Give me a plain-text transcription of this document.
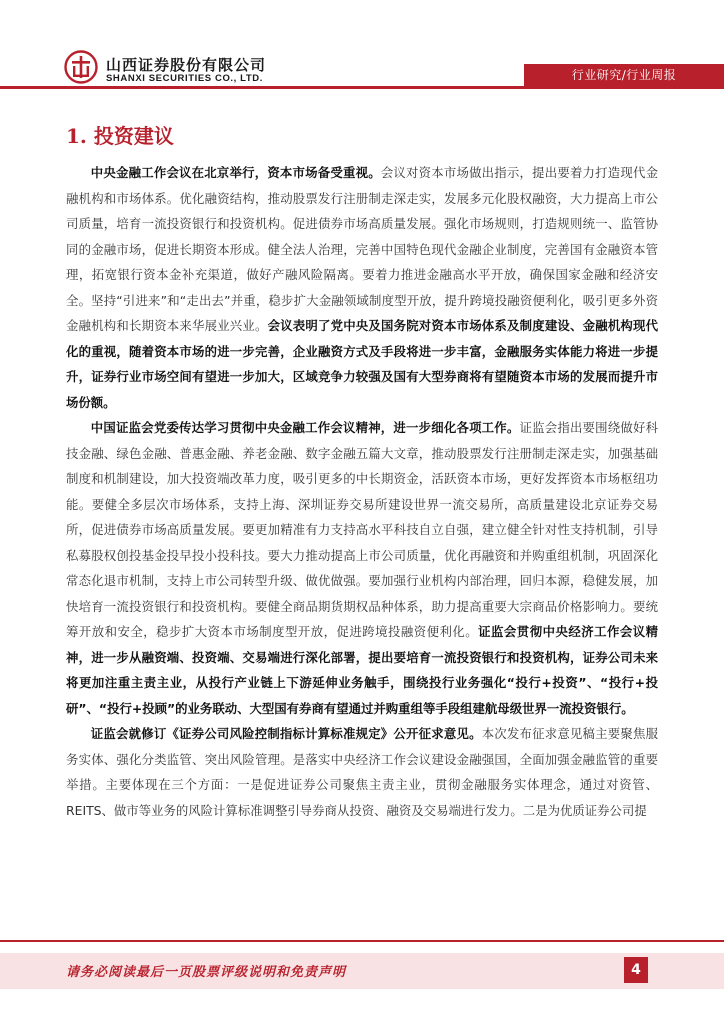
山西证券股份有限公司
SHANXI SECURITIES CO., LTD.	行业研究/行业周报
1. 投资建议

中央金融工作会议在北京举行，资本市场备受重视。会议对资本市场做出指示，提出要着力打造现代金融机构和市场体系。优化融资结构，推动股票发行注册制走深走实，发展多元化股权融资，大力提高上市公司质量，培育一流投资银行和投资机构。促进债券市场高质量发展。强化市场规则，打造规则统一、监管协同的金融市场，促进长期资本形成。健全法人治理，完善中国特色现代金融企业制度，完善国有金融资本管理，拓宽银行资本金补充渠道，做好产融风险隔离。要着力推进金融高水平开放，确保国家金融和经济安全。坚持“引进来”和“走出去”并重，稳步扩大金融领域制度型开放，提升跨境投融资便利化，吸引更多外资金融机构和长期资本来华展业兴业。会议表明了党中央及国务院对资本市场体系及制度建设、金融机构现代化的重视，随着资本市场的进一步完善，企业融资方式及手段将进一步丰富，金融服务实体能力将进一步提升，证券行业市场空间有望进一步加大，区域竞争力较强及国有大型券商将有望随资本市场的发展而提升市场份额。

中国证监会党委传达学习贯彻中央金融工作会议精神，进一步细化各项工作。证监会指出要围绕做好科技金融、绿色金融、普惠金融、养老金融、数字金融五篇大文章，推动股票发行注册制走深走实，加强基础制度和机制建设，加大投资端改革力度，吸引更多的中长期资金，活跃资本市场，更好发挥资本市场枢纽功能。要健全多层次市场体系，支持上海、深圳证券交易所建设世界一流交易所，高质量建设北京证券交易所，促进债券市场高质量发展。要更加精准有力支持高水平科技自立自强，建立健全针对性支持机制，引导私募股权创投基金投早投小投科技。要大力推动提高上市公司质量，优化再融资和并购重组机制，巩固深化常态化退市机制，支持上市公司转型升级、做优做强。要加强行业机构内部治理，回归本源，稳健发展，加快培育一流投资银行和投资机构。要健全商品期货期权品种体系，助力提高重要大宗商品价格影响力。要统筹开放和安全，稳步扩大资本市场制度型开放，促进跨境投融资便利化。证监会贯彻中央经济工作会议精神，进一步从融资端、投资端、交易端进行深化部署，提出要培育一流投资银行和投资机构，证券公司未来将更加注重主责主业，从投行产业链上下游延伸业务触手，围绕投行业务强化“投行+投资”、“投行+投研”、“投行+投顾”的业务联动、大型国有券商有望通过并购重组等手段组建航母级世界一流投资银行。

证监会就修订《证券公司风险控制指标计算标准规定》公开征求意见。本次发布征求意见稿主要聚焦服务实体、强化分类监管、突出风险管理。是落实中央经济工作会议建设金融强国，全面加强金融监管的重要举措。主要体现在三个方面：一是促进证券公司聚焦主责主业，贯彻金融服务实体理念，通过对资管、REITS、做市等业务的风险计算标准调整引导券商从投资、融资及交易端进行发力。二是为优质证券公司提

请务必阅读最后一页股票评级说明和免责声明	4
